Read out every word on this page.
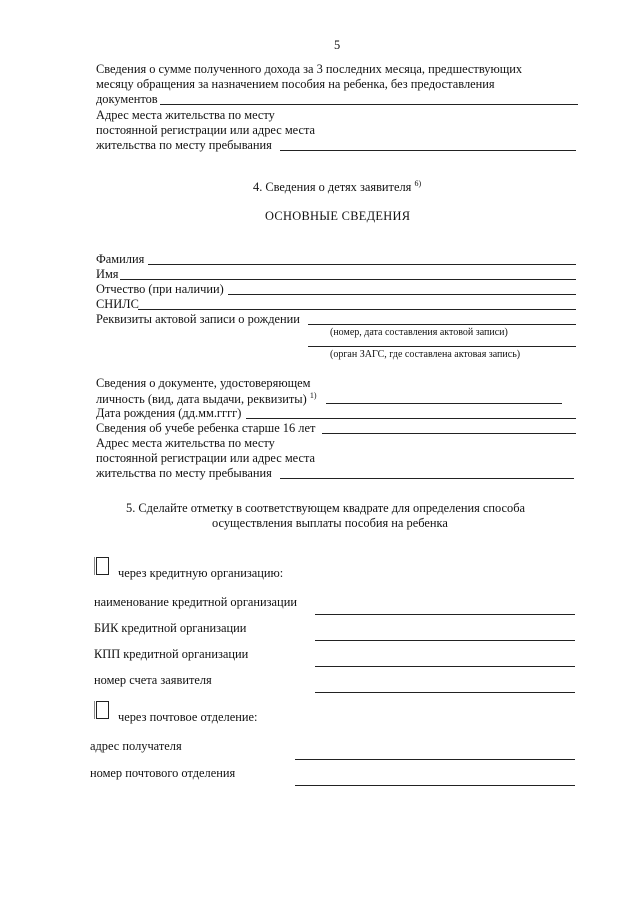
5
Сведения о сумме полученного дохода за 3 последних месяца, предшествующих
месяцу обращения за назначением пособия на ребенка, без предоставления
документов
Адрес места жительства по месту
постоянной регистрации или адрес места
жительства по месту пребывания
4. Сведения о детях заявителя $^{6)}$
ОСНОВНЫЕ СВЕДЕНИЯ
Фамилия
Имя
Отчество (при наличии)
СНИЛС
Реквизиты актовой записи о рождении
(номер, дата составления актовой записи)
(орган ЗАГС, где составлена актовая запись)
Сведения о документе, удостоверяющем
личность (вид, дата выдачи, реквизиты) $^{1)}$
Дата рождения (дд.мм.гггг)
Сведения об учебе ребенка старше 16 лет
Адрес места жительства по месту
постоянной регистрации или адрес места
жительства по месту пребывания
5. Сделайте отметку в соответствующем квадрате для определения способа
осуществления выплаты пособия на ребенка
через кредитную организацию:
наименование кредитной организации
БИК кредитной организации
КПП кредитной организации
номер счета заявителя
через почтовое отделение:
адрес получателя
номер почтового отделения
